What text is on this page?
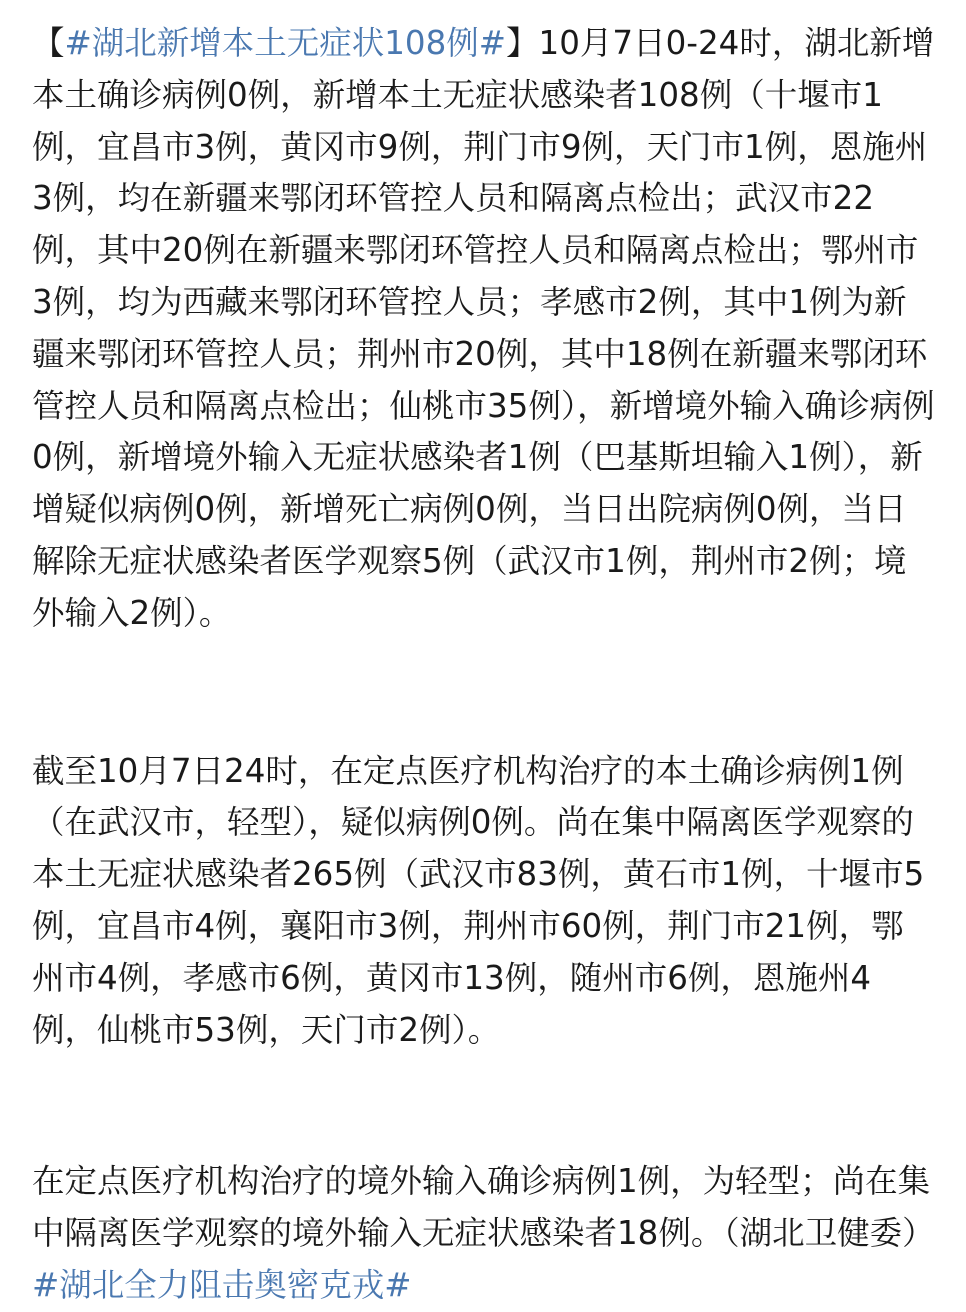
【#湖北新增本土无症状108例#】10月7日0-24时，湖北新增本土确诊病例0例，新增本土无症状感染者108例（十堰市1例，宜昌市3例，黄冈市9例，荆门市9例，天门市1例，恩施州3例，均在新疆来鄂闭环管控人员和隔离点检出；武汉市22例，其中20例在新疆来鄂闭环管控人员和隔离点检出；鄂州市3例，均为西藏来鄂闭环管控人员；孝感市2例，其中1例为新疆来鄂闭环管控人员；荆州市20例，其中18例在新疆来鄂闭环管控人员和隔离点检出；仙桃市35例），新增境外输入确诊病例0例，新增境外输入无症状感染者1例（巴基斯坦输入1例），新增疑似病例0例，新增死亡病例0例，当日出院病例0例，当日解除无症状感染者医学观察5例（武汉市1例，荆州市2例；境外输入2例）。

截至10月7日24时，在定点医疗机构治疗的本土确诊病例1例（在武汉市，轻型），疑似病例0例。尚在集中隔离医学观察的本土无症状感染者265例（武汉市83例，黄石市1例，十堰市5例，宜昌市4例，襄阳市3例，荆州市60例，荆门市21例，鄂州市4例，孝感市6例，黄冈市13例，随州市6例，恩施州4例，仙桃市53例，天门市2例）。

在定点医疗机构治疗的境外输入确诊病例1例，为轻型；尚在集中隔离医学观察的境外输入无症状感染者18例。（湖北卫健委）#湖北全力阻击奥密克戎#
